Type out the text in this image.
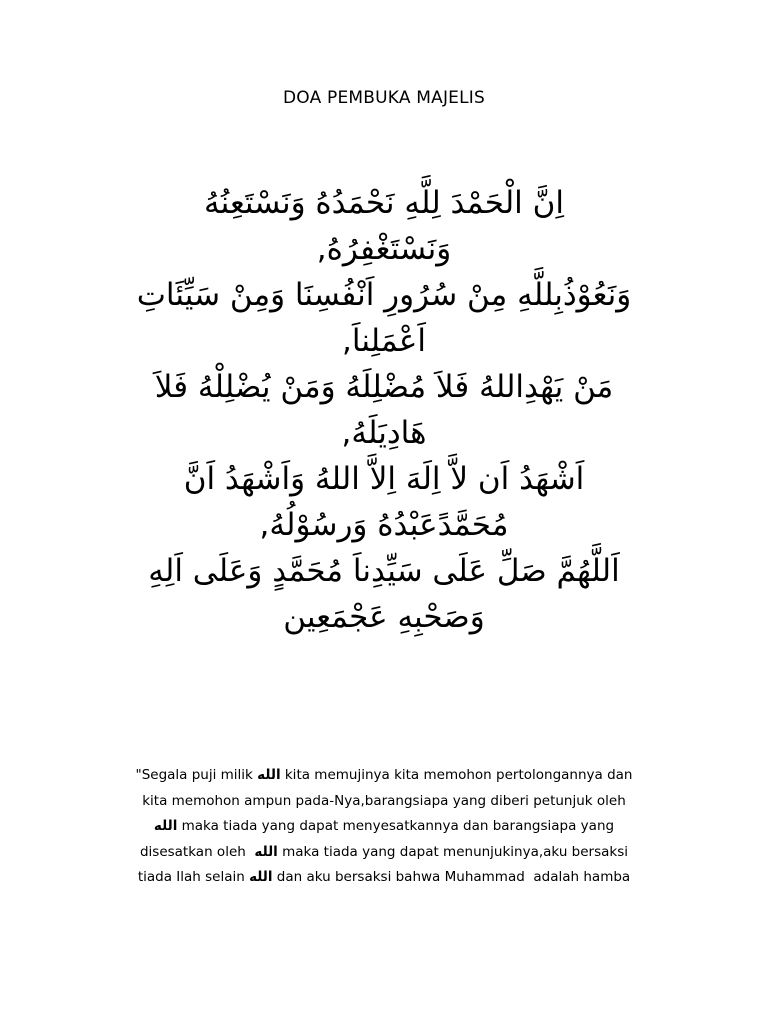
DOA PEMBUKA MAJELIS
اِنَّ الْحَمْدَ لِلَّهِ نَحْمَدُهُ وَنَسْتَعِنُهُ
وَنَسْتَغْفِرُهُ,
وَنَعُوْذُبِللَّهِ مِنْ سُرُورِ اَنْفُسِنَا وَمِنْ سَيِّئَاتِ
اَعْمَلِناَ,
مَنْ يَهْدِاللهُ فَلاَ مُضْلِلَهُ وَمَنْ يُضْلِلْهُ فَلاَ
هَادِيَلَهُ,
اَشْهَدُ اَن لاَّ اِلَهَ اِلاَّ اللهُ وَاَشْهَدُ اَنَّ
مُحَمَّدًعَبْدُهُ وَرسُوْلُهُ,
اَللَّهُمَّ صَلِّ عَلَى سَيِّدِناَ مُحَمَّدٍ وَعَلَى اَلِهِ
وَصَحْبِهِ عَجْمَعِين
"Segala puji milik الله kita memujinya kita memohon pertolongannya dan
kita memohon ampun pada-Nya,barangsiapa yang diberi petunjuk oleh
الله maka tiada yang dapat menyesatkannya dan barangsiapa yang
disesatkan oleh  الله maka tiada yang dapat menunjukinya,aku bersaksi
tiada Ilah selain الله dan aku bersaksi bahwa Muhammad  adalah hamba
